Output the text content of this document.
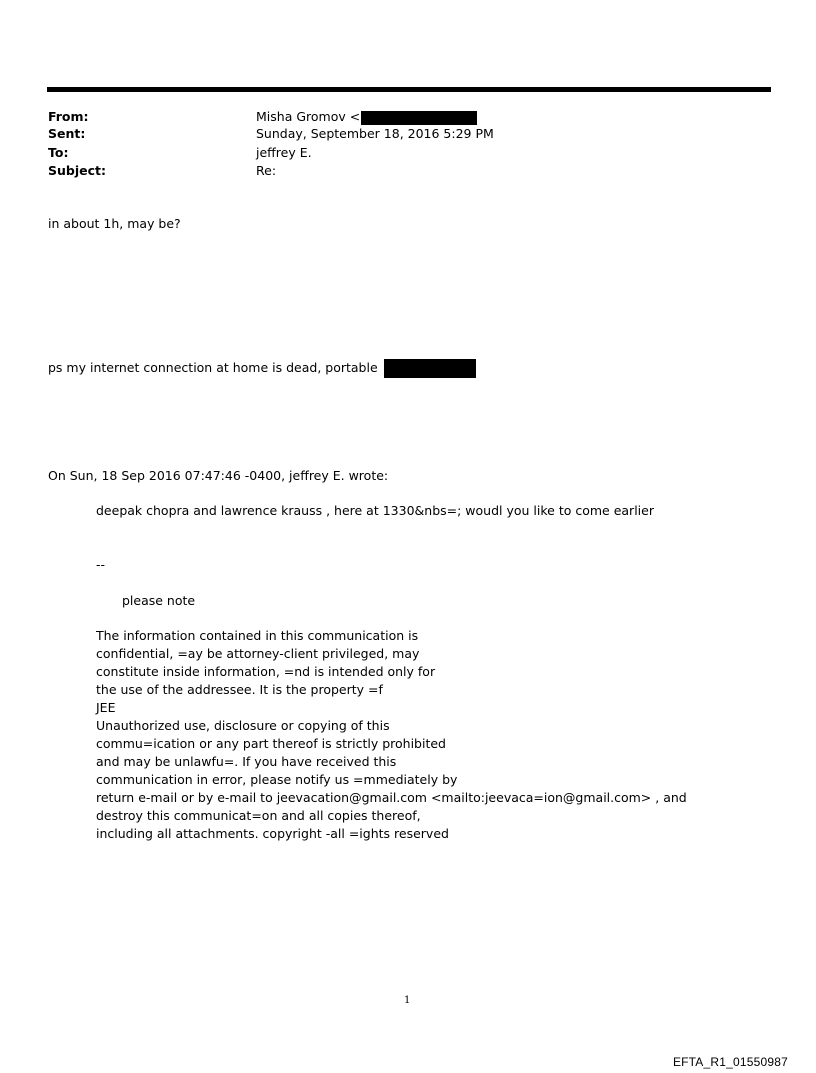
From:	Misha Gromov <
Sent:	Sunday, September 18, 2016 5:29 PM
To:	jeffrey E.
Subject:	Re:
in about 1h, may be?
ps my internet connection at home is dead, portable
On Sun, 18 Sep 2016 07:47:46 -0400, jeffrey E. wrote:
deepak chopra and lawrence krauss , here at 1330&nbs=; woudl you like to come earlier
--
please note
The information contained in this communication is
confidential, =ay be attorney-client privileged, may
constitute inside information, =nd is intended only for
the use of the addressee. It is the property =f
JEE
Unauthorized use, disclosure or copying of this
commu=ication or any part thereof is strictly prohibited
and may be unlawfu=. If you have received this
communication in error, please notify us =mmediately by
return e-mail or by e-mail to jeevacation@gmail.com <mailto:jeevaca=ion@gmail.com> , and
destroy this communicat=on and all copies thereof,
including all attachments. copyright -all =ights reserved
1
EFTA_R1_01550987
